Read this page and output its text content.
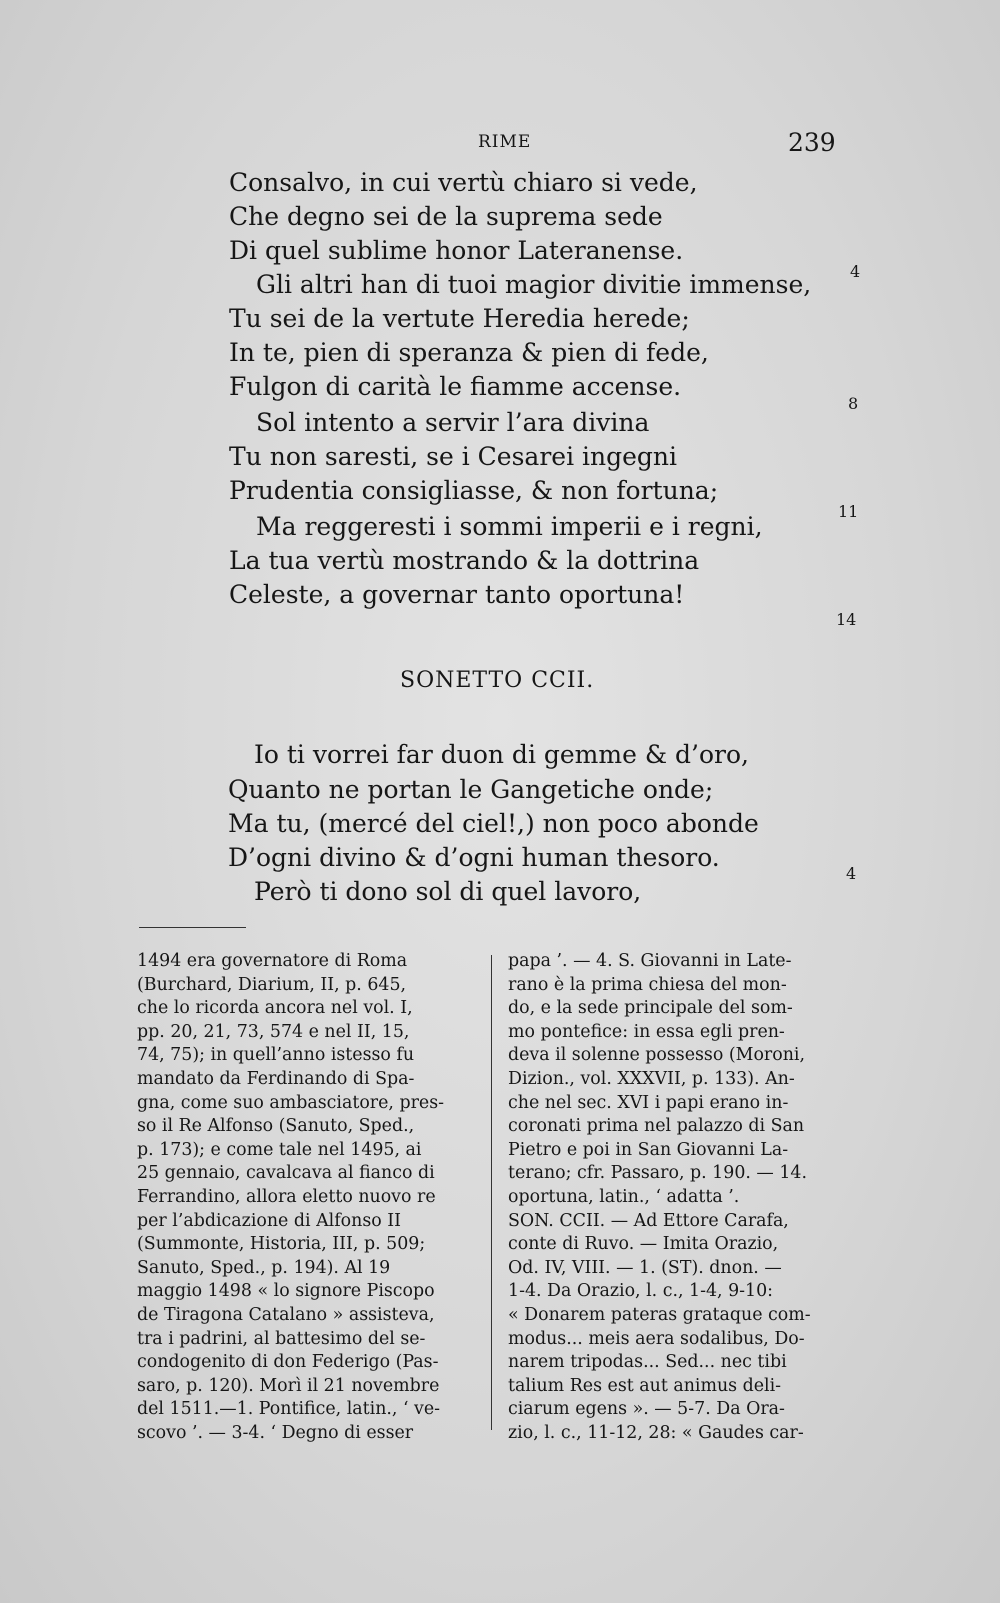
RIME	239
Consalvo, in cui vertù chiaro si vede,
Che degno sei de la suprema sede
Di quel sublime honor Lateranense.
Gli altri han di tuoi magior divitie immense,
Tu sei de la vertute Heredia herede;
In te, pien di speranza & pien di fede,
Fulgon di carità le fiamme accense.
Sol intento a servir l’ara divina
Tu non saresti, se i Cesarei ingegni
Prudentia consigliasse, & non fortuna;
Ma reggeresti i sommi imperii e i regni,
La tua vertù mostrando & la dottrina
Celeste, a governar tanto oportuna!
4
8
11
14
SONETTO CCII.
Io ti vorrei far duon di gemme & d’oro,
Quanto ne portan le Gangetiche onde;
Ma tu, (mercé del ciel!,) non poco abonde
D’ogni divino & d’ogni human thesoro.
Però ti dono sol di quel lavoro,
4
1494 era governatore di Roma
(Burchard, Diarium, II, p. 645,
che lo ricorda ancora nel vol. I,
pp. 20, 21, 73, 574 e nel II, 15,
74, 75); in quell’anno istesso fu
mandato da Ferdinando di Spa-
gna, come suo ambasciatore, pres-
so il Re Alfonso (Sanuto, Sped.,
p. 173); e come tale nel 1495, ai
25 gennaio, cavalcava al fianco di
Ferrandino, allora eletto nuovo re
per l’abdicazione di Alfonso II
(Summonte, Historia, III, p. 509;
Sanuto, Sped., p. 194). Al 19
maggio 1498 « lo signore Piscopo
de Tiragona Catalano » assisteva,
tra i padrini, al battesimo del se-
condogenito di don Federigo (Pas-
saro, p. 120). Morì il 21 novembre
del 1511.—1. Pontifice, latin., ‘ ve-
scovo ’. — 3-4. ‘ Degno di esser
papa ’. — 4. S. Giovanni in Late-
rano è la prima chiesa del mon-
do, e la sede principale del som-
mo pontefice: in essa egli pren-
deva il solenne possesso (Moroni,
Dizion., vol. XXXVII, p. 133). An-
che nel sec. XVI i papi erano in-
coronati prima nel palazzo di San
Pietro e poi in San Giovanni La-
terano; cfr. Passaro, p. 190. — 14.
oportuna, latin., ‘ adatta ’.
SON. CCII. — Ad Ettore Carafa,
conte di Ruvo. — Imita Orazio,
Od. IV, VIII. — 1. (ST). dnon. —
1-4. Da Orazio, l. c., 1-4, 9-10:
« Donarem pateras grataque com-
modus... meis aera sodalibus, Do-
narem tripodas... Sed... nec tibi
talium Res est aut animus deli-
ciarum egens ». — 5-7. Da Ora-
zio, l. c., 11-12, 28: « Gaudes car-
